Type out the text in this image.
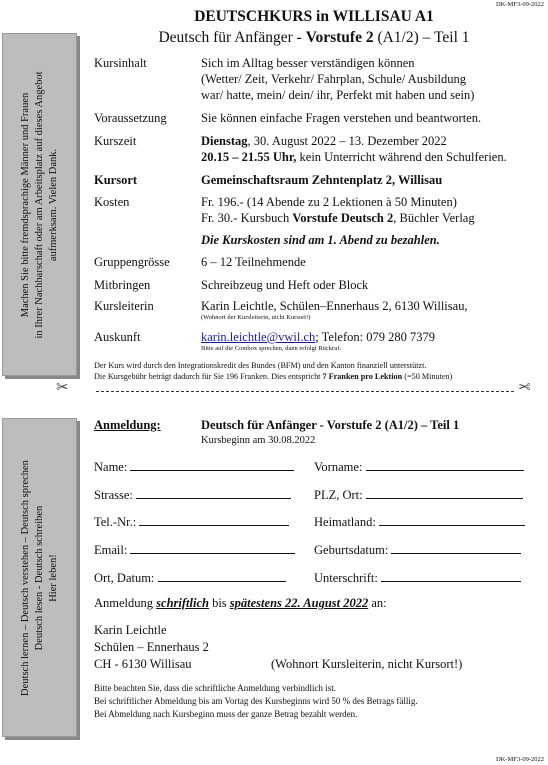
DK-MF3-09-2022
DK-MF3-09-2022
DEUTSCHKURS in WILLISAU A1
Deutsch für Anfänger - Vorstufe 2 (A1/2) – Teil 1
Machen Sie bitte fremdsprachige Männer und Frauen in Ihrer Nachbarschaft oder am Arbeitsplatz auf dieses Angebot aufmerksam. Vielen Dank.
Deutsch lernen – Deutsch verstehen – Deutsch sprechen Deutsch lesen - Deutsch schreiben Hier leben!
Kursinhalt	Sich im Alltag besser verständigen können
(Wetter/ Zeit, Verkehr/ Fahrplan, Schule/ Ausbildung
war/ hatte, mein/ dein/ ihr, Perfekt mit haben und sein)
Voraussetzung	Sie können einfache Fragen verstehen und beantworten.
Kurszeit	Dienstag, 30. August 2022 – 13. Dezember 2022
20.15 – 21.55 Uhr, kein Unterricht während den Schulferien.
Kursort	Gemeinschaftsraum Zehntenplatz 2, Willisau
Kosten	Fr. 196.- (14 Abende zu 2 Lektionen à 50 Minuten)
Fr. 30.- Kursbuch Vorstufe Deutsch 2, Büchler Verlag
Die Kurskosten sind am 1. Abend zu bezahlen.
Gruppengrösse	6 – 12 Teilnehmende
Mitbringen	Schreibzeug und Heft oder Block
Kursleiterin	Karin Leichtle, Schülen–Ennerhaus 2, 6130 Willisau,
(Wohnort der Kursleiterin, nicht Kursort!)
Auskunft	karin.leichtle@vwil.ch; Telefon: 079 280 7379
Bitte auf die Combox sprechen, dann erfolgt Rückruf.
Der Kurs wird durch den Integrationskredit des Bundes (BFM) und den Kanton finanziell unterstützt.
Die Kursgebühr beträgt dadurch für Sie 196 Franken. Dies entspricht 7 Franken pro Lektion (=50 Minuten)
✂	✂
Anmeldung:	Deutsch für Anfänger - Vorstufe 2 (A1/2) – Teil 1
Kursbeginn am 30.08.2022
Name:	Vorname:
Strasse:	PLZ, Ort:
Tel.-Nr.:	Heimatland:
Email:	Geburtsdatum:
Ort, Datum:	Unterschrift:
Anmeldung schriftlich bis spätestens 22. August 2022 an:
Karin Leichtle
Schülen – Ennerhaus 2
CH - 6130 Willisau	(Wohnort Kursleiterin, nicht Kursort!)
Bitte beachten Sie, dass die schriftliche Anmeldung verbindlich ist.
Bei schriftlicher Abmeldung bis am Vortag des Kursbeginns wird 50 % des Betrags fällig.
Bei Abmeldung nach Kursbeginn muss der ganze Betrag bezahlt werden.
